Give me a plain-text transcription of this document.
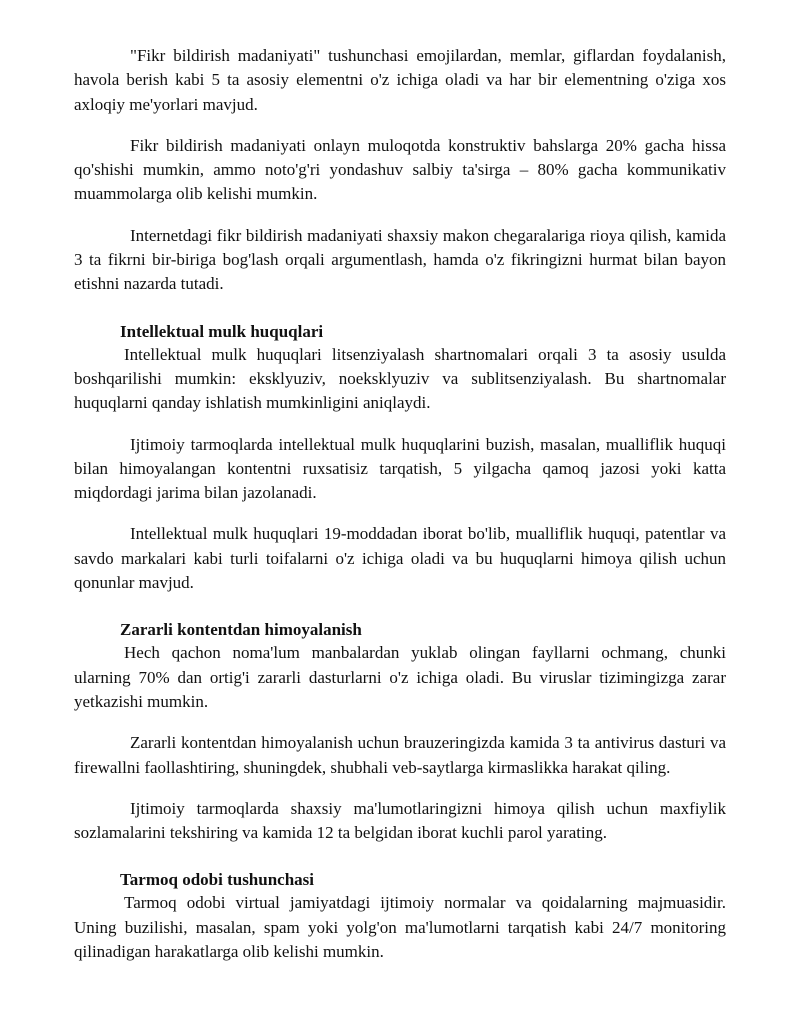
"Fikr bildirish madaniyati" tushunchasi emojilardan, memlar, giflardan foydalanish, havola berish kabi 5 ta asosiy elementni o'z ichiga oladi va har bir elementning o'ziga xos axloqiy me'yorlari mavjud.

Fikr bildirish madaniyati onlayn muloqotda konstruktiv bahslarga 20% gacha hissa qo'shishi mumkin, ammo noto'g'ri yondashuv salbiy ta'sirga – 80% gacha kommunikativ muammolarga olib kelishi mumkin.

Internetdagi fikr bildirish madaniyati shaxsiy makon chegaralariga rioya qilish, kamida 3 ta fikrni bir-biriga bog'lash orqali argumentlash, hamda o'z fikringizni hurmat bilan bayon etishni nazarda tutadi.

Intellektual mulk huquqlari

Intellektual mulk huquqlari litsenziyalash shartnomalari orqali 3 ta asosiy usulda boshqarilishi mumkin: eksklyuziv, noeksklyuziv va sublitsenziyalash. Bu shartnomalar huquqlarni qanday ishlatish mumkinligini aniqlaydi.

Ijtimoiy tarmoqlarda intellektual mulk huquqlarini buzish, masalan, mualliflik huquqi bilan himoyalangan kontentni ruxsatisiz tarqatish, 5 yilgacha qamoq jazosi yoki katta miqdordagi jarima bilan jazolanadi.

Intellektual mulk huquqlari 19-moddadan iborat bo'lib, mualliflik huquqi, patentlar va savdo markalari kabi turli toifalarni o'z ichiga oladi va bu huquqlarni himoya qilish uchun qonunlar mavjud.

Zararli kontentdan himoyalanish

Hech qachon noma'lum manbalardan yuklab olingan fayllarni ochmang, chunki ularning 70% dan ortig'i zararli dasturlarni o'z ichiga oladi. Bu viruslar tizimingizga zarar yetkazishi mumkin.

Zararli kontentdan himoyalanish uchun brauzeringizda kamida 3 ta antivirus dasturi va firewallni faollashtiring, shuningdek, shubhali veb-saytlarga kirmaslikka harakat qiling.

Ijtimoiy tarmoqlarda shaxsiy ma'lumotlaringizni himoya qilish uchun maxfiylik sozlamalarini tekshiring va kamida 12 ta belgidan iborat kuchli parol yarating.

Tarmoq odobi tushunchasi

Tarmoq odobi virtual jamiyatdagi ijtimoiy normalar va qoidalarning majmuasidir. Uning buzilishi, masalan, spam yoki yolg'on ma'lumotlarni tarqatish kabi 24/7 monitoring qilinadigan harakatlarga olib kelishi mumkin.
